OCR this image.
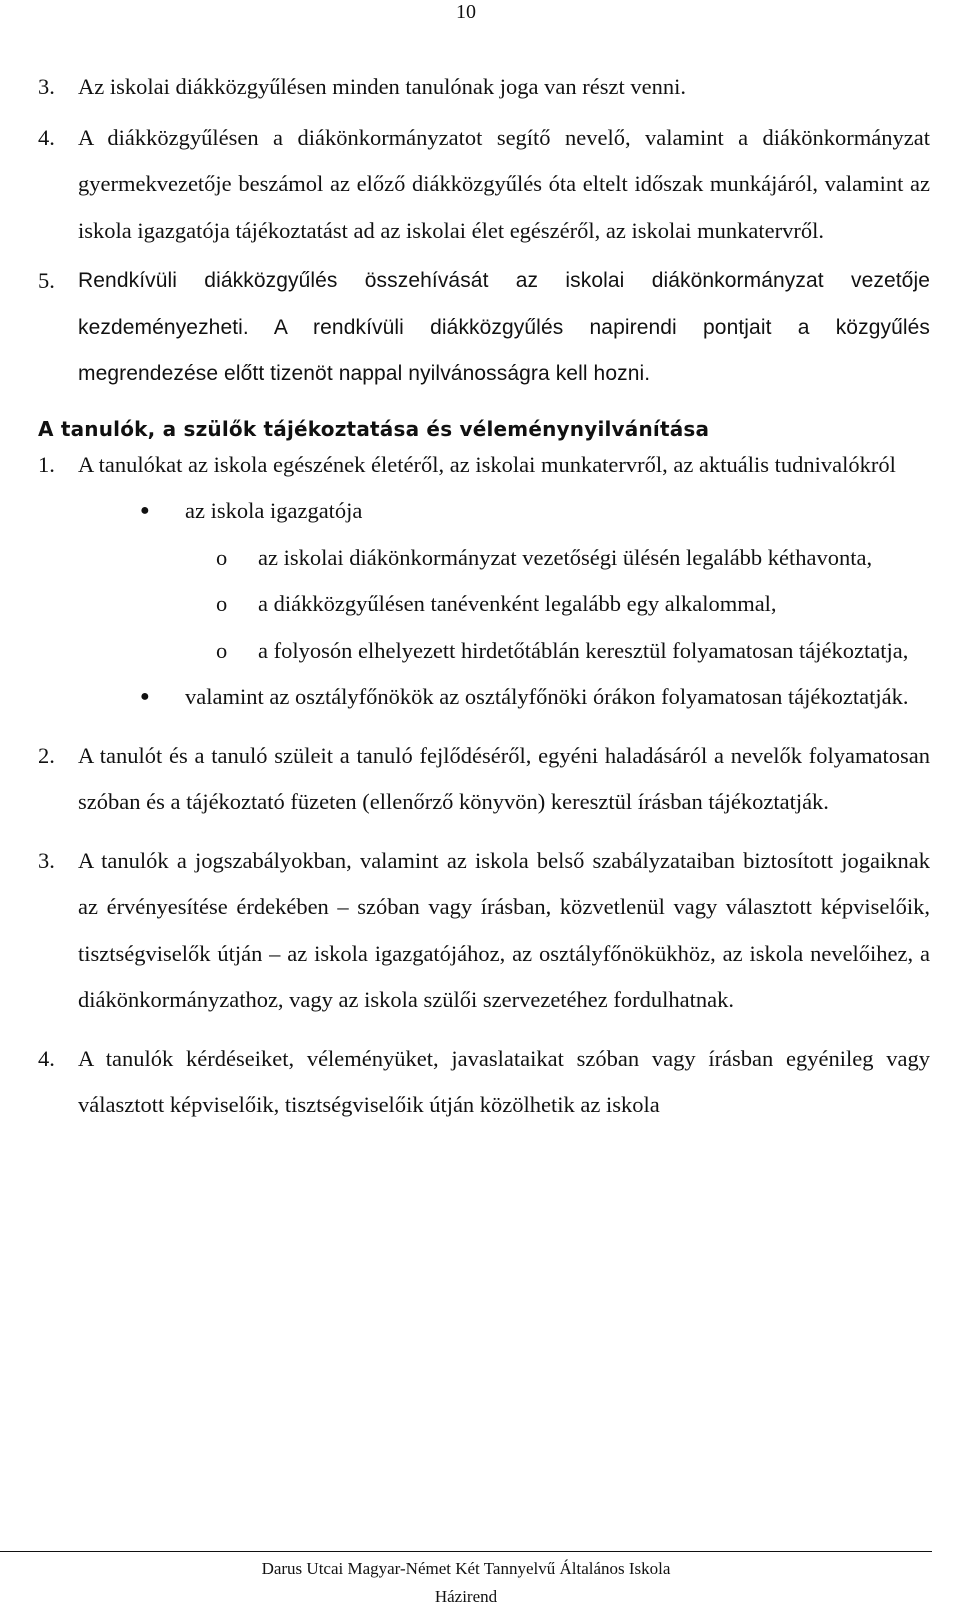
10
3.	Az iskolai diákközgyűlésen minden tanulónak joga van részt venni.
4.	A diákközgyűlésen a diákönkormányzatot segítő nevelő, valamint a diákönkormányzat gyermekvezetője beszámol az előző diákközgyűlés óta eltelt időszak munkájáról, valamint az iskola igazgatója tájékoztatást ad az iskolai élet egészéről, az iskolai munkatervről.
5.	Rendkívüli diákközgyűlés összehívását az iskolai diákönkormányzat vezetője kezdeményezheti. A rendkívüli diákközgyűlés napirendi pontjait a közgyűlés megrendezése előtt tizenöt nappal nyilvánosságra kell hozni.
A tanulók, a szülők tájékoztatása és véleménynyilvánítása
1.	A tanulókat az iskola egészének életéről, az iskolai munkatervről, az aktuális tudnivalókról
●	az iskola igazgatója
o	az iskolai diákönkormányzat vezetőségi ülésén legalább kéthavonta,
o	a diákközgyűlésen tanévenként legalább egy alkalommal,
o	a folyosón elhelyezett hirdetőtáblán keresztül folyamatosan tájékoztatja,
●	valamint az osztályfőnökök az osztályfőnöki órákon folyamatosan tájékoztatják.
2.	A tanulót és a tanuló szüleit a tanuló fejlődéséről, egyéni haladásáról a nevelők folyamatosan szóban és a tájékoztató füzeten (ellenőrző könyvön) keresztül írásban tájékoztatják.
3.	A tanulók a jogszabályokban, valamint az iskola belső szabályzataiban biztosított jogaiknak az érvényesítése érdekében – szóban vagy írásban, közvetlenül vagy választott képviselőik, tisztségviselők útján – az iskola igazgatójához, az osztályfőnökükhöz, az iskola nevelőihez, a diákönkormányzathoz, vagy az iskola szülői szervezetéhez fordulhatnak.
4.	A tanulók kérdéseiket, véleményüket, javaslataikat szóban vagy írásban egyénileg vagy választott képviselőik, tisztségviselőik útján közölhetik az iskola
Darus Utcai Magyar-Német Két Tannyelvű Általános Iskola
Házirend
